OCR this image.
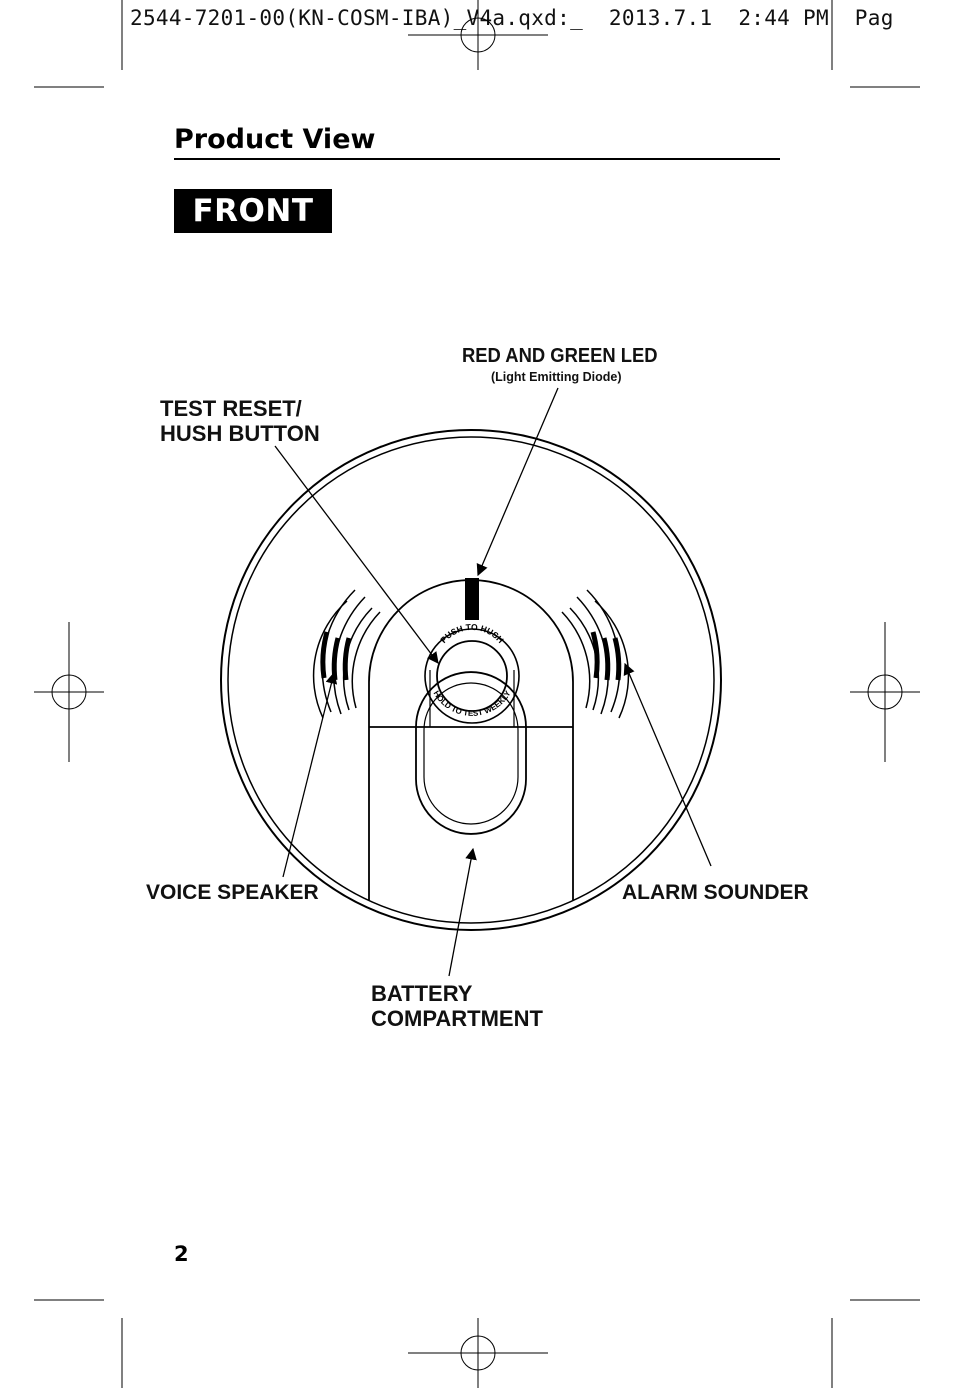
2544-7201-00(KN-COSM-IBA)_V4a.qxd:_  2013.7.1  2:44 PM  Pag
Product View
FRONT
PUSH TO HUSH
HOLD TO TEST WEEKLY
RED AND GREEN LED
(Light Emitting Diode)
TEST RESET/
HUSH BUTTON
VOICE SPEAKER	ALARM SOUNDER
BATTERY
COMPARTMENT
2
